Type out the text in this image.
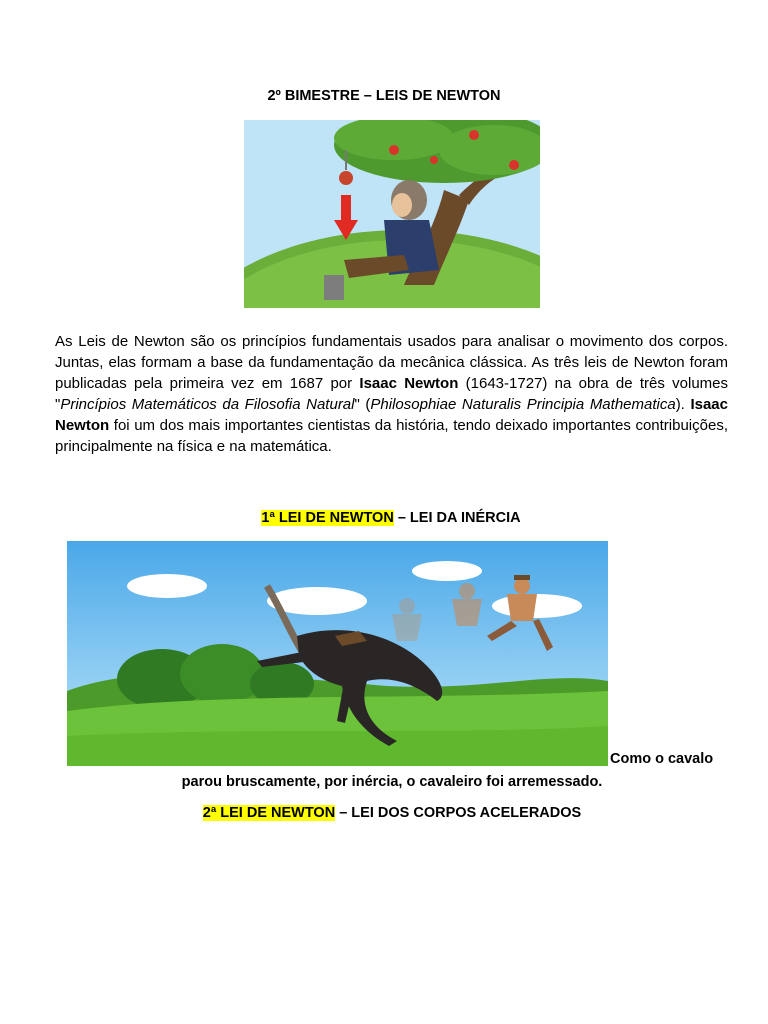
2º BIMESTRE – LEIS DE NEWTON
As Leis de Newton são os princípios fundamentais usados para analisar o movimento dos corpos. Juntas, elas formam a base da fundamentação da mecânica clássica. As três leis de Newton foram publicadas pela primeira vez em 1687 por Isaac Newton (1643-1727) na obra de três volumes "Princípios Matemáticos da Filosofia Natural" (Philosophiae Naturalis Principia Mathematica). Isaac Newton foi um dos mais importantes cientistas da história, tendo deixado importantes contribuições, principalmente na física e na matemática.
1ª LEI DE NEWTON – LEI DA INÉRCIA
Como o cavalo
parou bruscamente, por inércia, o cavaleiro foi arremessado.
2ª LEI DE NEWTON – LEI DOS CORPOS ACELERADOS
